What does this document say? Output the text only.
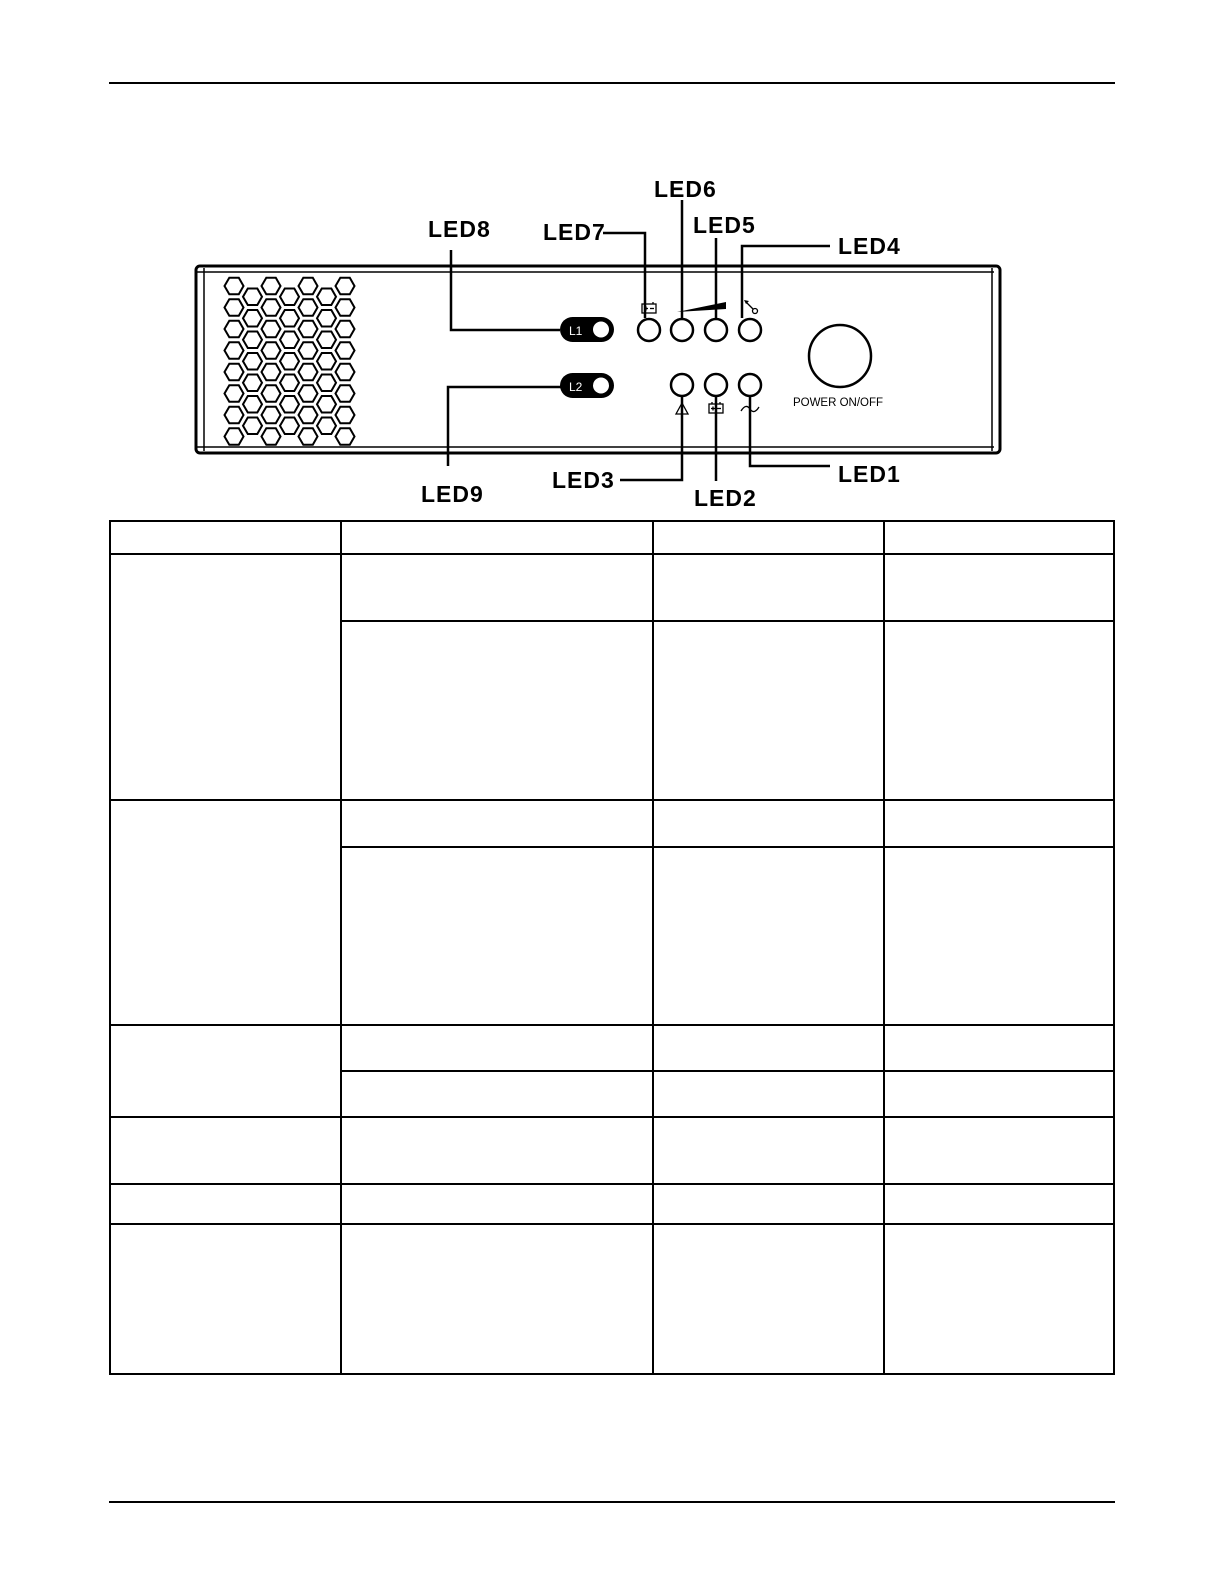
L1
L2
POWER ON/OFF
LED6
LED5
LED8 LED7
LED4
LED1
LED3
LED9	LED2
